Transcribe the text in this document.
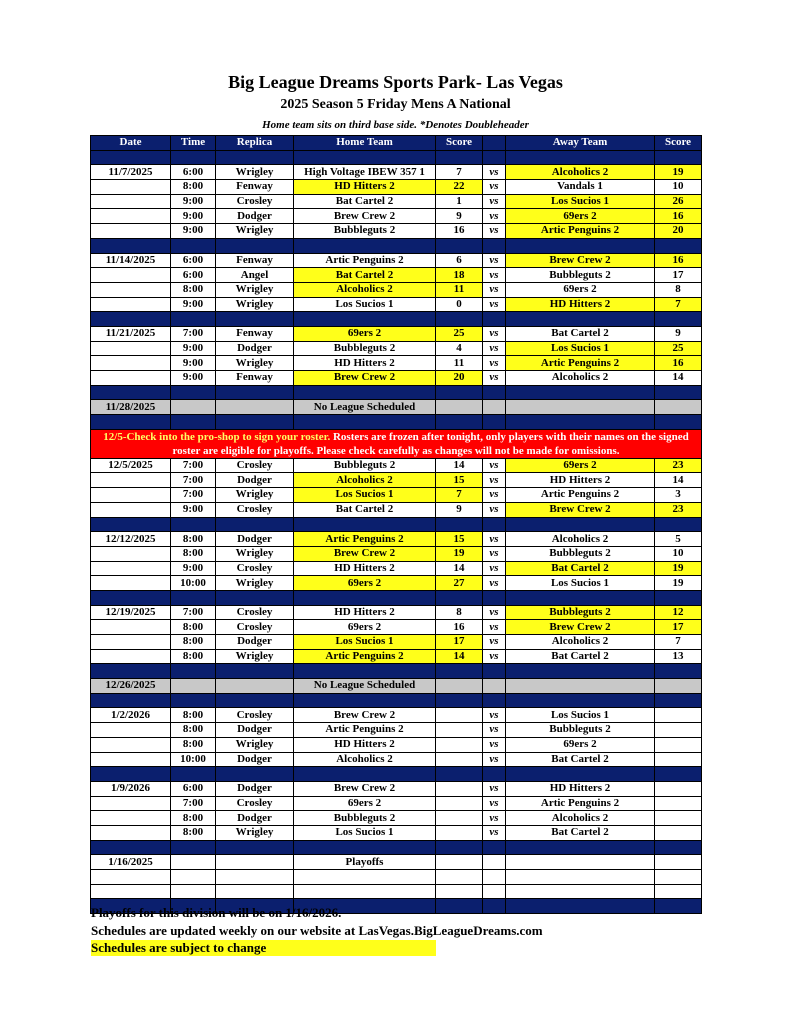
Big League Dreams Sports Park- Las Vegas
2025 Season 5 Friday Mens A National
Home team sits on third base side. *Denotes Doubleheader
Date	Time	Replica	Home Team	Score		Away Team	Score

11/7/2025	6:00	Wrigley	High Voltage IBEW 357 1	7	vs	Alcoholics 2	19
	8:00	Fenway	HD Hitters 2	22	vs	Vandals 1	10
	9:00	Crosley	Bat Cartel 2	1	vs	Los Sucios 1	26
	9:00	Dodger	Brew Crew 2	9	vs	69ers 2	16
	9:00	Wrigley	Bubbleguts 2	16	vs	Artic Penguins 2	20

11/14/2025	6:00	Fenway	Artic Penguins 2	6	vs	Brew Crew 2	16
	6:00	Angel	Bat Cartel 2	18	vs	Bubbleguts 2	17
	8:00	Wrigley	Alcoholics 2	11	vs	69ers 2	8
	9:00	Wrigley	Los Sucios 1	0	vs	HD Hitters 2	7

11/21/2025	7:00	Fenway	69ers 2	25	vs	Bat Cartel 2	9
	9:00	Dodger	Bubbleguts 2	4	vs	Los Sucios 1	25
	9:00	Wrigley	HD Hitters 2	11	vs	Artic Penguins 2	16
	9:00	Fenway	Brew Crew 2	20	vs	Alcoholics 2	14

11/28/2025			No League Scheduled				

12/5-Check into the pro-shop to sign your roster. Rosters are frozen after tonight, only players with their names on the signed roster are eligible for playoffs. Please check carefully as changes will not be made for omissions.							
12/5/2025	7:00	Crosley	Bubbleguts 2	14	vs	69ers 2	23
	7:00	Dodger	Alcoholics 2	15	vs	HD Hitters 2	14
	7:00	Wrigley	Los Sucios 1	7	vs	Artic Penguins 2	3
	9:00	Crosley	Bat Cartel 2	9	vs	Brew Crew 2	23

12/12/2025	8:00	Dodger	Artic Penguins 2	15	vs	Alcoholics 2	5
	8:00	Wrigley	Brew Crew 2	19	vs	Bubbleguts 2	10
	9:00	Crosley	HD Hitters 2	14	vs	Bat Cartel 2	19
	10:00	Wrigley	69ers 2	27	vs	Los Sucios 1	19

12/19/2025	7:00	Crosley	HD Hitters 2	8	vs	Bubbleguts 2	12
	8:00	Crosley	69ers 2	16	vs	Brew Crew 2	17
	8:00	Dodger	Los Sucios 1	17	vs	Alcoholics 2	7
	8:00	Wrigley	Artic Penguins 2	14	vs	Bat Cartel 2	13

12/26/2025			No League Scheduled				

1/2/2026	8:00	Crosley	Brew Crew 2		vs	Los Sucios 1	
	8:00	Dodger	Artic Penguins 2		vs	Bubbleguts 2	
	8:00	Wrigley	HD Hitters 2		vs	69ers 2	
	10:00	Dodger	Alcoholics 2		vs	Bat Cartel 2	

1/9/2026	6:00	Dodger	Brew Crew 2		vs	HD Hitters 2	
	7:00	Crosley	69ers 2		vs	Artic Penguins 2	
	8:00	Dodger	Bubbleguts 2		vs	Alcoholics 2	
	8:00	Wrigley	Los Sucios 1		vs	Bat Cartel 2	

1/16/2025			Playoffs				

Playoffs for this division will be on 1/16/2026.
Schedules are updated weekly on our website at LasVegas.BigLeagueDreams.com
Schedules are subject to change
